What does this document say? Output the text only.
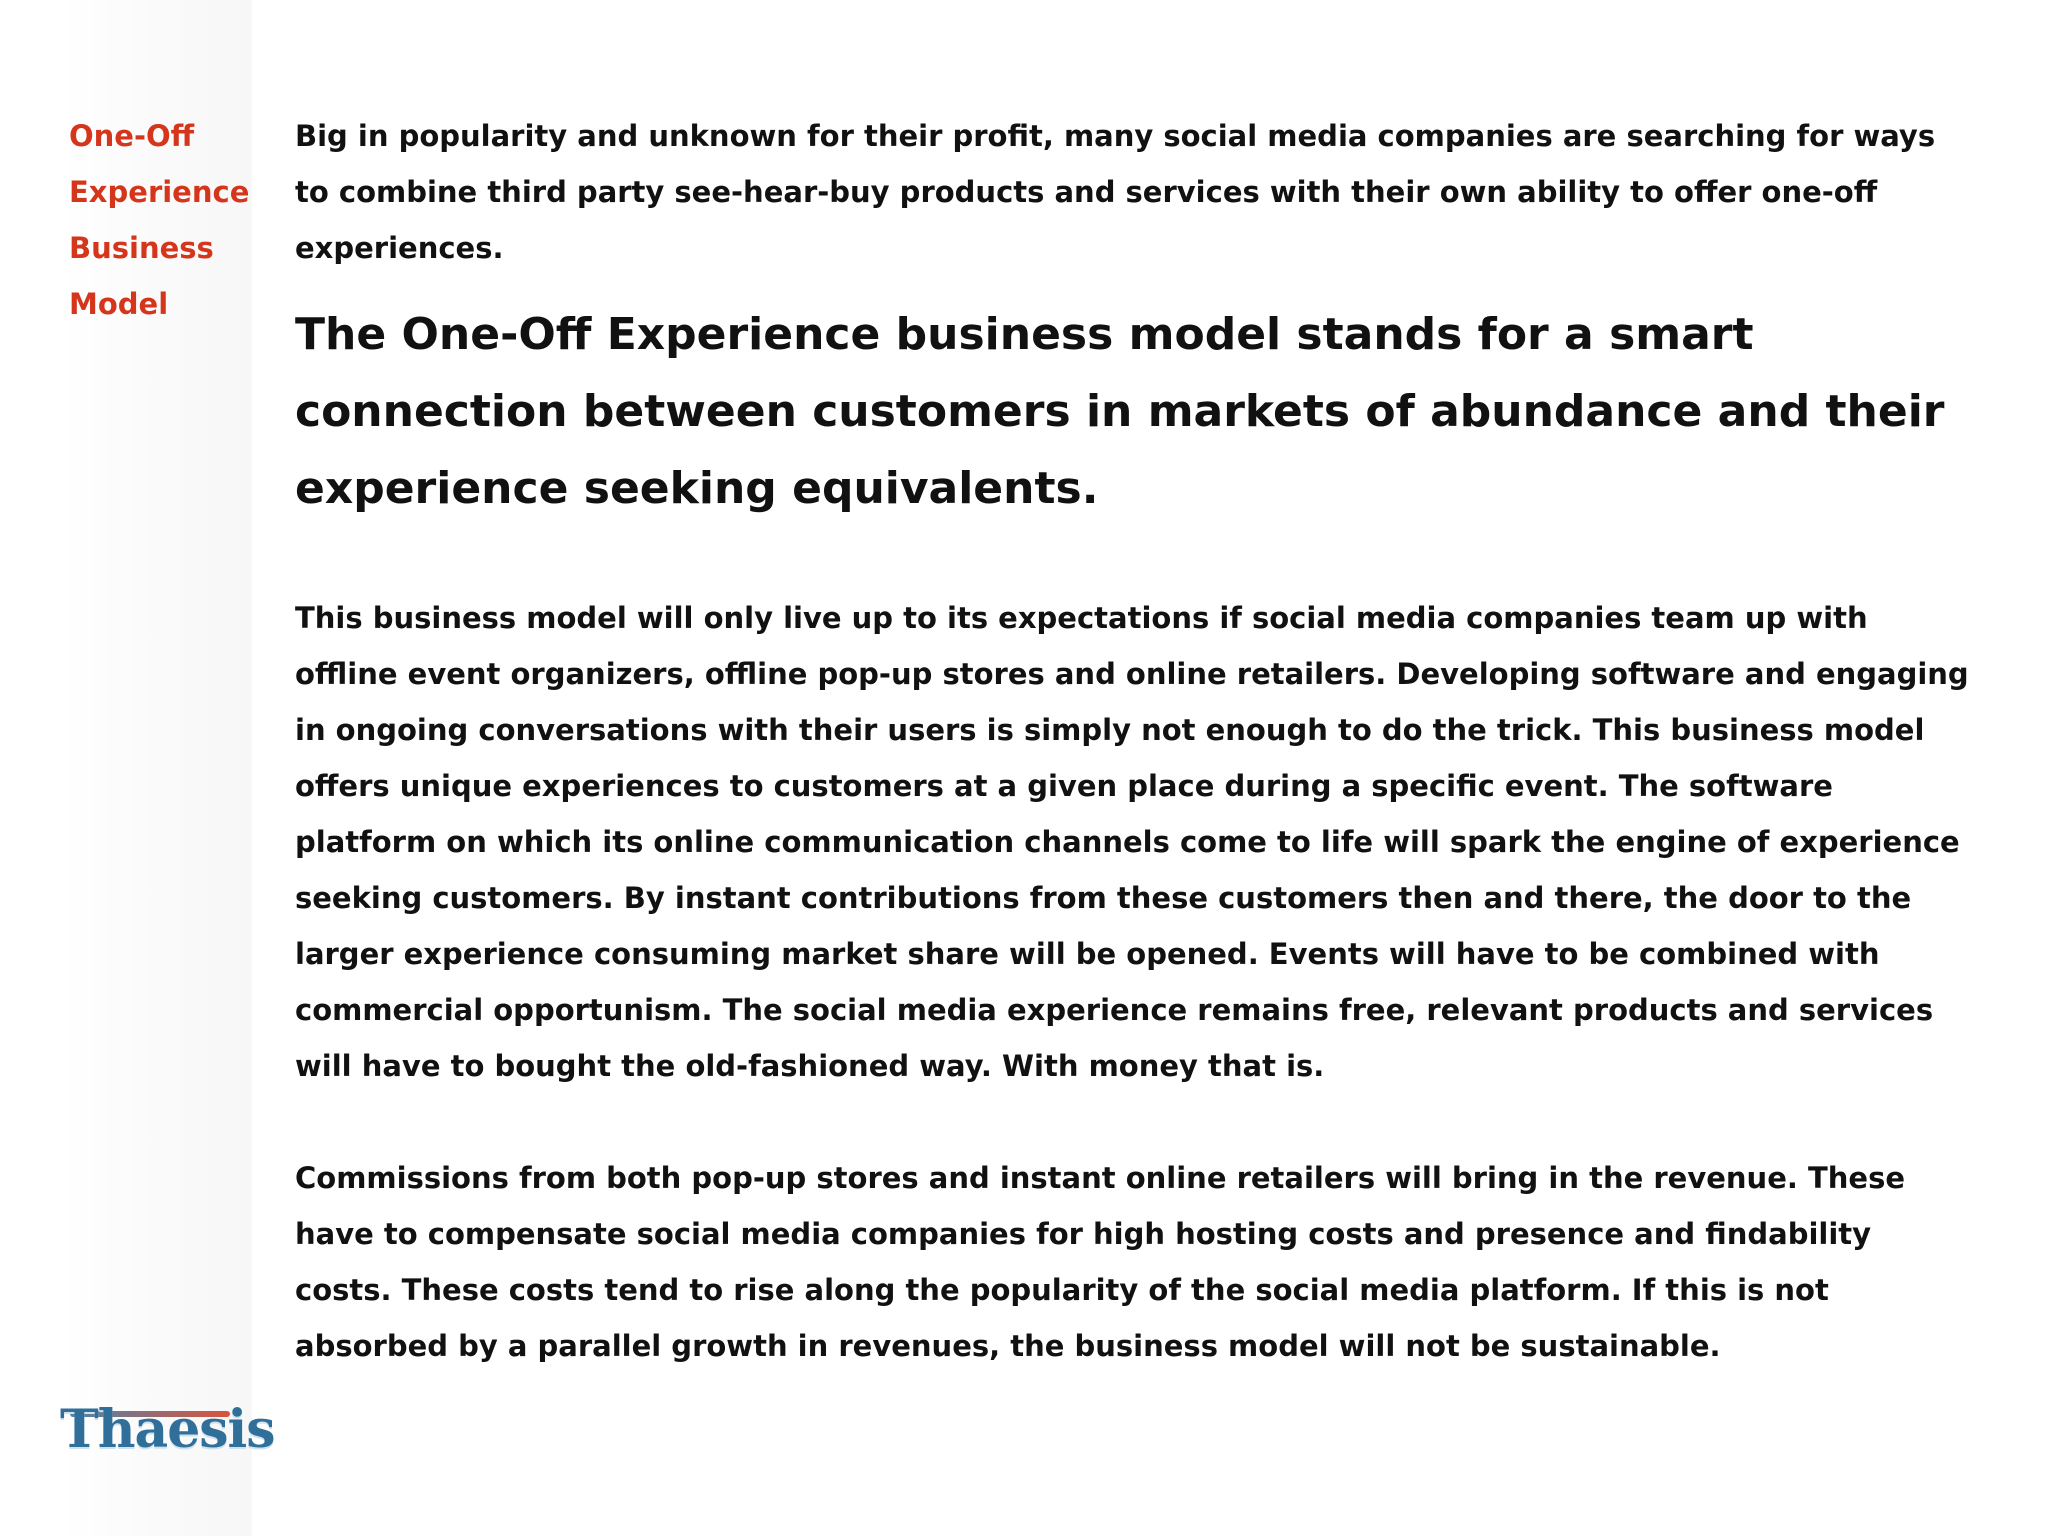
One-Off
Experience
Business
Model

Big in popularity and unknown for their profit, many social media companies are searching for ways to combine third party see-hear-buy products and services with their own ability to offer one-off experiences.

The One-Off Experience business model stands for a smart connection between customers in markets of abundance and their experience seeking equivalents.

This business model will only live up to its expectations if social media companies team up with offline event organizers, offline pop-up stores and online retailers. Developing software and engaging in ongoing conversations with their users is simply not enough to do the trick. This business model offers unique experiences to customers at a given place during a specific event. The software platform on which its online communication channels come to life will spark the engine of experience seeking customers. By instant contributions from these customers then and there, the door to the larger experience consuming market share will be opened. Events will have to be combined with commercial opportunism. The social media experience remains free, relevant products and services will have to bought the old-fashioned way. With money that is.

Commissions from both pop-up stores and instant online retailers will bring in the revenue. These have to compensate social media companies for high hosting costs and presence and findability costs. These costs tend to rise along the popularity of the social media platform. If this is not absorbed by a parallel growth in revenues, the business model will not be sustainable.

Thaesis
